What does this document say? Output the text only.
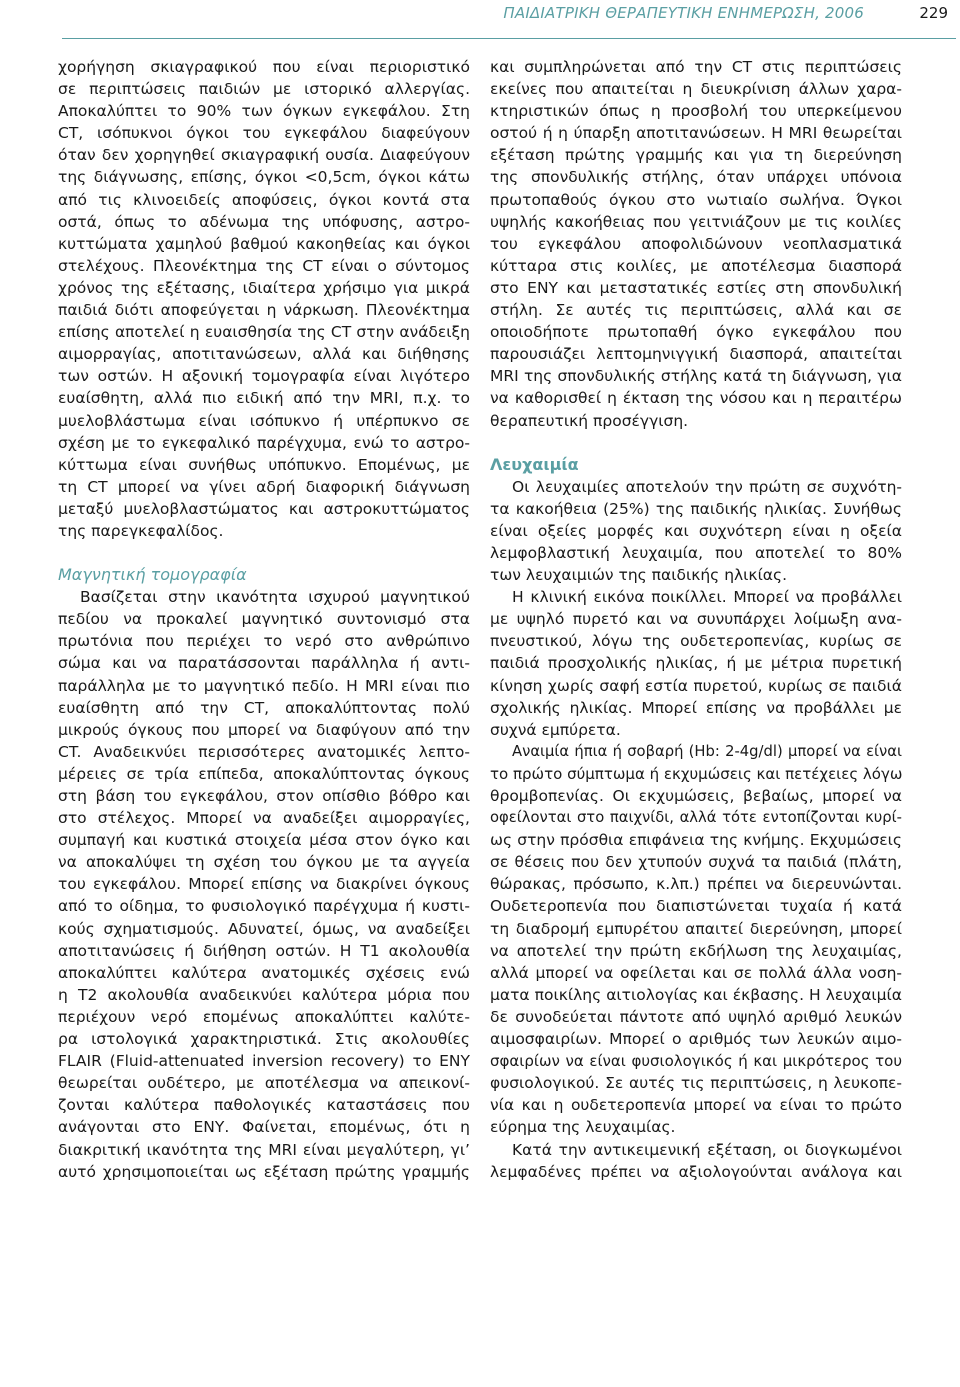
ΠΑΙΔΙΑΤΡΙΚΗ ΘΕΡΑΠΕΥΤΙΚΗ ΕΝΗΜΕΡΩΣΗ, 2006	229
χορήγηση σκιαγραφικού που είναι περιοριστικό
σε περιπτώσεις παιδιών με ιστορικό αλλεργίας.
Αποκαλύπτει το 90% των όγκων εγκεφάλου. Στη
CT, ισόπυκνοι όγκοι του εγκεφάλου διαφεύγουν
όταν δεν χορηγηθεί σκιαγραφική ουσία. Διαφεύγουν
της διάγνωσης, επίσης, όγκοι <0,5cm, όγκοι κάτω
από τις κλινοειδείς αποφύσεις, όγκοι κοντά στα
οστά, όπως το αδένωμα της υπόφυσης, αστρο-
κυττώματα χαμηλού βαθμού κακοηθείας και όγκοι
στελέχους. Πλεονέκτημα της CT είναι ο σύντομος
χρόνος της εξέτασης, ιδιαίτερα χρήσιμο για μικρά
παιδιά διότι αποφεύγεται η νάρκωση. Πλεονέκτημα
επίσης αποτελεί η ευαισθησία της CT στην ανάδειξη
αιμορραγίας, αποτιτανώσεων, αλλά και διήθησης
των οστών. Η αξονική τομογραφία είναι λιγότερο
ευαίσθητη, αλλά πιο ειδική από την MRI, π.χ. το
μυελοβλάστωμα είναι ισόπυκνο ή υπέρπυκνο σε
σχέση με το εγκεφαλικό παρέγχυμα, ενώ το αστρο-
κύττωμα είναι συνήθως υπόπυκνο. Επομένως, με
τη CT μπορεί να γίνει αδρή διαφορική διάγνωση
μεταξύ μυελοβλαστώματος και αστροκυττώματος
της παρεγκεφαλίδος.
Μαγνητική τομογραφία
Βασίζεται στην ικανότητα ισχυρού μαγνητικού
πεδίου να προκαλεί μαγνητικό συντονισμό στα
πρωτόνια που περιέχει το νερό στο ανθρώπινο
σώμα και να παρατάσσονται παράλληλα ή αντι-
παράλληλα με το μαγνητικό πεδίο. Η MRI είναι πιο
ευαίσθητη από την CT, αποκαλύπτοντας πολύ
μικρούς όγκους που μπορεί να διαφύγουν από την
CT. Αναδεικνύει περισσότερες ανατομικές λεπτο-
μέρειες σε τρία επίπεδα, αποκαλύπτοντας όγκους
στη βάση του εγκεφάλου, στον οπίσθιο βόθρο και
στο στέλεχος. Μπορεί να αναδείξει αιμορραγίες,
συμπαγή και κυστικά στοιχεία μέσα στον όγκο και
να αποκαλύψει τη σχέση του όγκου με τα αγγεία
του εγκεφάλου. Μπορεί επίσης να διακρίνει όγκους
από το οίδημα, το φυσιολογικό παρέγχυμα ή κυστι-
κούς σχηματισμούς. Αδυνατεί, όμως, να αναδείξει
αποτιτανώσεις ή διήθηση οστών. Η Τ1 ακολουθία
αποκαλύπτει καλύτερα ανατομικές σχέσεις ενώ
η Τ2 ακολουθία αναδεικνύει καλύτερα μόρια που
περιέχουν νερό επομένως αποκαλύπτει καλύτε-
ρα ιστολογικά χαρακτηριστικά. Στις ακολουθίες
FLAIR (Fluid-attenuated inversion recovery) το ΕΝΥ
θεωρείται ουδέτερο, με αποτέλεσμα να απεικονί-
ζονται καλύτερα παθολογικές καταστάσεις που
ανάγονται στο ΕΝΥ. Φαίνεται, επομένως, ότι η
διακριτική ικανότητα της MRI είναι μεγαλύτερη, γι’
αυτό χρησιμοποιείται ως εξέταση πρώτης γραμμής
και συμπληρώνεται από την CT στις περιπτώσεις
εκείνες που απαιτείται η διευκρίνιση άλλων χαρα-
κτηριστικών όπως η προσβολή του υπερκείμενου
οστού ή η ύπαρξη αποτιτανώσεων. Η MRI θεωρείται
εξέταση πρώτης γραμμής και για τη διερεύνηση
της σπονδυλικής στήλης, όταν υπάρχει υπόνοια
πρωτοπαθούς όγκου στο νωτιαίο σωλήνα. Όγκοι
υψηλής κακοήθειας που γειτνιάζουν με τις κοιλίες
του εγκεφάλου αποφολιδώνουν νεοπλασματικά
κύτταρα στις κοιλίες, με αποτέλεσμα διασπορά
στο ΕΝΥ και μεταστατικές εστίες στη σπονδυλική
στήλη. Σε αυτές τις περιπτώσεις, αλλά και σε
οποιοδήποτε πρωτοπαθή όγκο εγκεφάλου που
παρουσιάζει λεπτομηνιγγική διασπορά, απαιτείται
MRI της σπονδυλικής στήλης κατά τη διάγνωση, για
να καθορισθεί η έκταση της νόσου και η περαιτέρω
θεραπευτική προσέγγιση.
Λευχαιμία
Οι λευχαιμίες αποτελούν την πρώτη σε συχνότη-
τα κακοήθεια (25%) της παιδικής ηλικίας. Συνήθως
είναι οξείες μορφές και συχνότερη είναι η οξεία
λεμφοβλαστική λευχαιμία, που αποτελεί το 80%
των λευχαιμιών της παιδικής ηλικίας.
Η κλινική εικόνα ποικίλλει. Μπορεί να προβάλλει
με υψηλό πυρετό και να συνυπάρχει λοίμωξη ανα-
πνευστικού, λόγω της ουδετεροπενίας, κυρίως σε
παιδιά προσχολικής ηλικίας, ή με μέτρια πυρετική
κίνηση χωρίς σαφή εστία πυρετού, κυρίως σε παιδιά
σχολικής ηλικίας. Μπορεί επίσης να προβάλλει με
συχνά εμπύρετα.
Αναιμία ήπια ή σοβαρή (Hb: 2-4g/dl) μπορεί να είναι
το πρώτο σύμπτωμα ή εκχυμώσεις και πετέχειες λόγω
θρομβοπενίας. Οι εκχυμώσεις, βεβαίως, μπορεί να
οφείλονται στο παιχνίδι, αλλά τότε εντοπίζονται κυρί-
ως στην πρόσθια επιφάνεια της κνήμης. Εκχυμώσεις
σε θέσεις που δεν χτυπούν συχνά τα παιδιά (πλάτη,
θώρακας, πρόσωπο, κ.λπ.) πρέπει να διερευνώνται.
Ουδετεροπενία που διαπιστώνεται τυχαία ή κατά
τη διαδρομή εμπυρέτου απαιτεί διερεύνηση, μπορεί
να αποτελεί την πρώτη εκδήλωση της λευχαιμίας,
αλλά μπορεί να οφείλεται και σε πολλά άλλα νοση-
ματα ποικίλης αιτιολογίας και έκβασης. Η λευχαιμία
δε συνοδεύεται πάντοτε από υψηλό αριθμό λευκών
αιμοσφαιρίων. Μπορεί ο αριθμός των λευκών αιμο-
σφαιρίων να είναι φυσιολογικός ή και μικρότερος του
φυσιολογικού. Σε αυτές τις περιπτώσεις, η λευκοπε-
νία και η ουδετεροπενία μπορεί να είναι το πρώτο
εύρημα της λευχαιμίας.
Κατά την αντικειμενική εξέταση, οι διογκωμένοι
λεμφαδένες πρέπει να αξιολογούνται ανάλογα και
